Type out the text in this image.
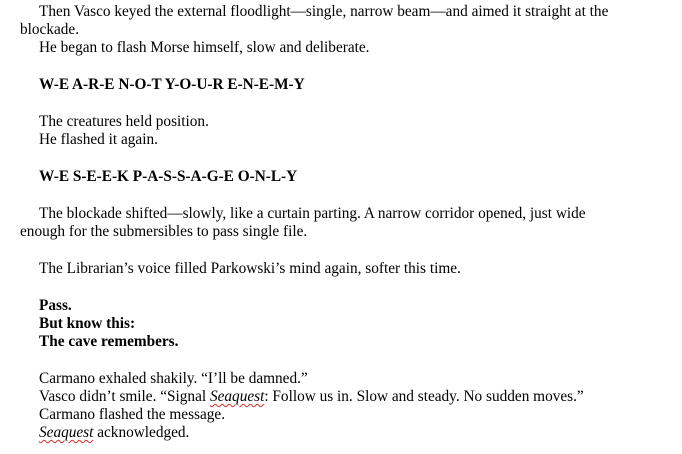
Then Vasco keyed the external floodlight—single, narrow beam—and aimed it straight at the
blockade.
He began to flash Morse himself, slow and deliberate.
W-E A-R-E N-O-T Y-O-U-R E-N-E-M-Y
The creatures held position.
He flashed it again.
W-E S-E-E-K P-A-S-S-A-G-E O-N-L-Y
The blockade shifted—slowly, like a curtain parting. A narrow corridor opened, just wide
enough for the submersibles to pass single file.
The Librarian’s voice filled Parkowski’s mind again, softer this time.
Pass.
But know this:
The cave remembers.
Carmano exhaled shakily. “I’ll be damned.”
Vasco didn’t smile. “Signal Seaquest: Follow us in. Slow and steady. No sudden moves.”
Carmano flashed the message.
Seaquest acknowledged.
